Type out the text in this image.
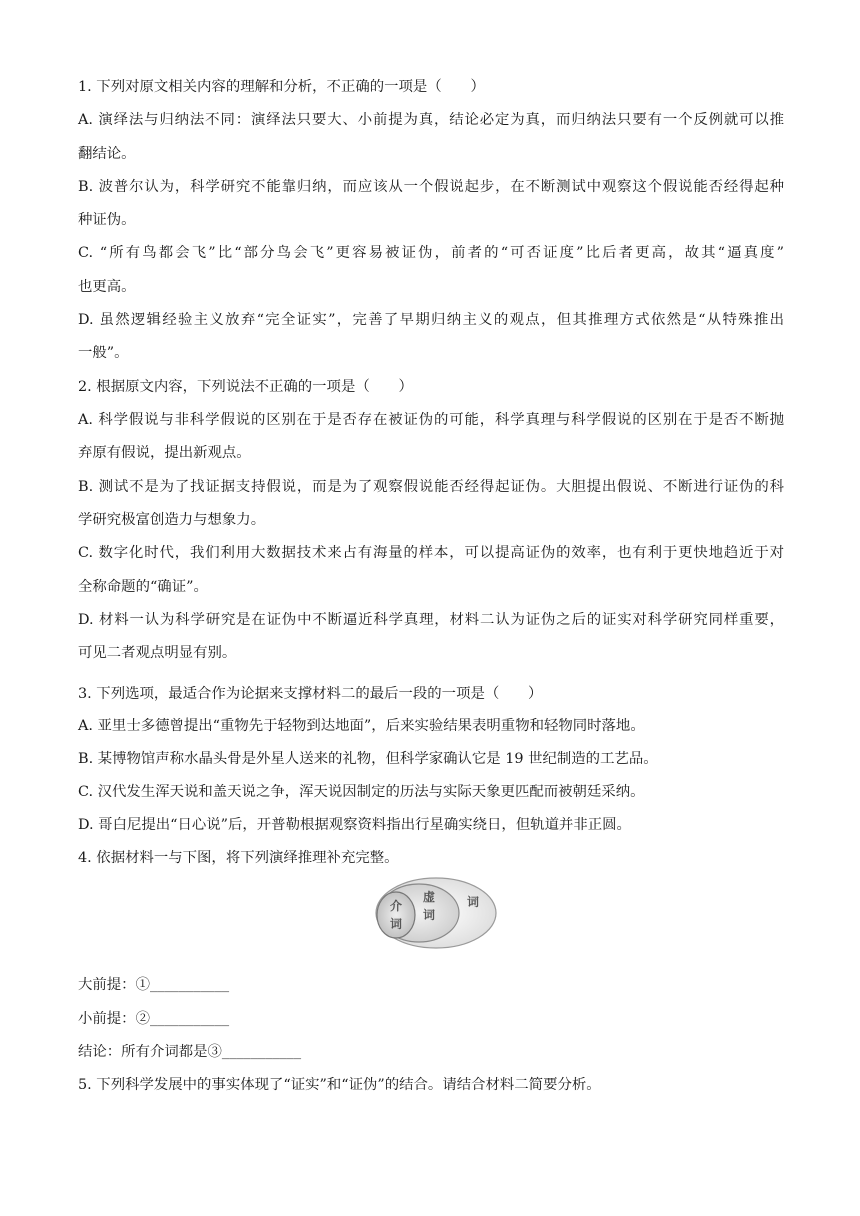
1. 下列对原文相关内容的理解和分析，不正确的一项是（　　）
A. 演绎法与归纳法不同：演绎法只要大、小前提为真，结论必定为真，而归纳法只要有一个反例就可以推
翻结论。
B. 波普尔认为，科学研究不能靠归纳，而应该从一个假说起步，在不断测试中观察这个假说能否经得起种
种证伪。
C. “所有鸟都会飞”比“部分鸟会飞”更容易被证伪，前者的“可否证度”比后者更高，故其“逼真度”
也更高。
D. 虽然逻辑经验主义放弃“完全证实”，完善了早期归纳主义的观点，但其推理方式依然是“从特殊推出
一般”。
2. 根据原文内容，下列说法不正确的一项是（　　）
A. 科学假说与非科学假说的区别在于是否存在被证伪的可能，科学真理与科学假说的区别在于是否不断抛
弃原有假说，提出新观点。
B. 测试不是为了找证据支持假说，而是为了观察假说能否经得起证伪。大胆提出假说、不断进行证伪的科
学研究极富创造力与想象力。
C. 数字化时代，我们利用大数据技术来占有海量的样本，可以提高证伪的效率，也有利于更快地趋近于对
全称命题的“确证”。
D. 材料一认为科学研究是在证伪中不断逼近科学真理，材料二认为证伪之后的证实对科学研究同样重要，
可见二者观点明显有别。
3. 下列选项，最适合作为论据来支撑材料二的最后一段的一项是（　　）
A. 亚里士多德曾提出“重物先于轻物到达地面”，后来实验结果表明重物和轻物同时落地。
B. 某博物馆声称水晶头骨是外星人送来的礼物，但科学家确认它是 19 世纪制造的工艺品。
C. 汉代发生浑天说和盖天说之争，浑天说因制定的历法与实际天象更匹配而被朝廷采纳。
D. 哥白尼提出“日心说”后，开普勒根据观察资料指出行星确实绕日，但轨道并非正圆。
4. 依据材料一与下图，将下列演绎推理补充完整。
介
词
虚
词
词
大前提：①___________
小前提：②___________
结论：所有介词都是③___________
5. 下列科学发展中的事实体现了“证实”和“证伪”的结合。请结合材料二简要分析。
